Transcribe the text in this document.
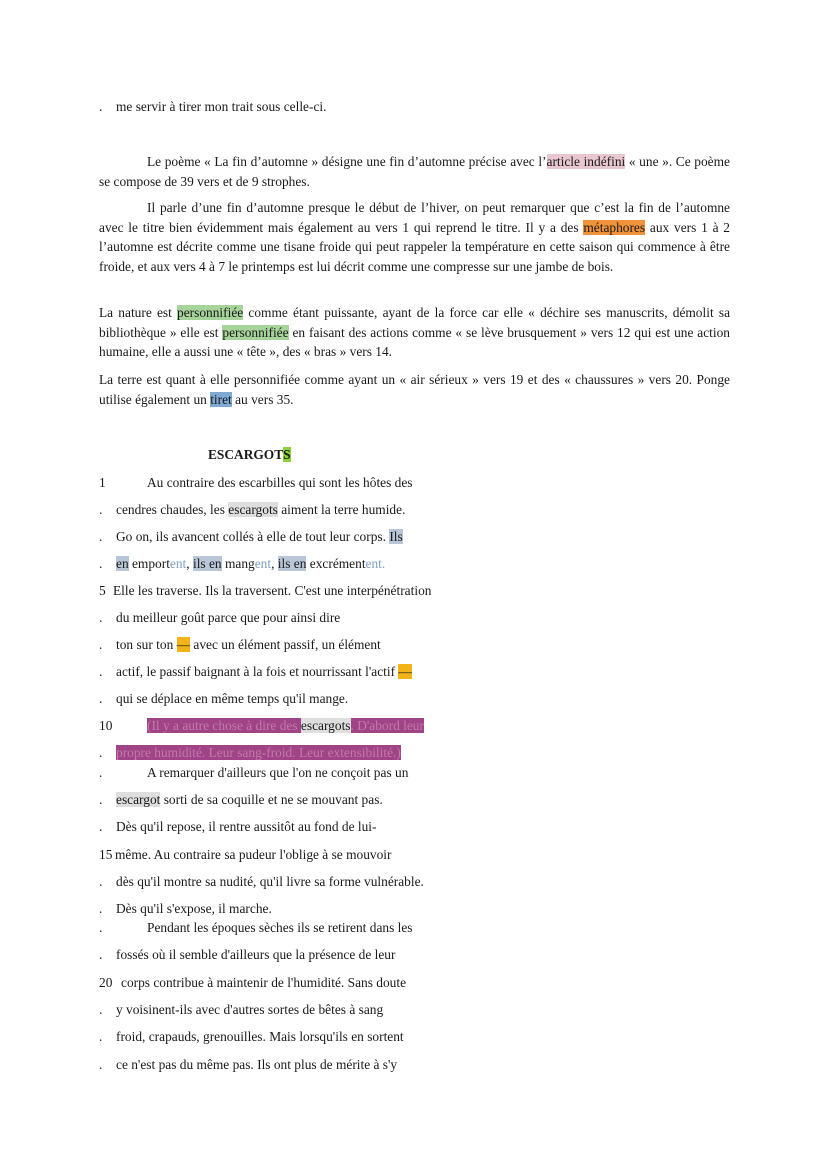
. me servir à tirer mon trait sous celle-ci.

Le poème « La fin d’automne » désigne une fin d’automne précise avec l’article indéfini « une ». Ce poème se compose de 39 vers et de 9 strophes.

Il parle d’une fin d’automne presque le début de l’hiver, on peut remarquer que c’est la fin de l’automne avec le titre bien évidemment mais également au vers 1 qui reprend le titre. Il y a des métaphores aux vers 1 à 2 l’automne est décrite comme une tisane froide qui peut rappeler la température en cette saison qui commence à être froide, et aux vers 4 à 7 le printemps est lui décrit comme une compresse sur une jambe de bois.

La nature est personnifiée comme étant puissante, ayant de la force car elle « déchire ses manuscrits, démolit sa bibliothèque » elle est personnifiée en faisant des actions comme « se lève brusquement » vers 12 qui est une action humaine, elle a aussi une « tête », des « bras » vers 14.

La terre est quant à elle personnifiée comme ayant un « air sérieux » vers 19 et des « chaussures » vers 20. Ponge utilise également un tiret au vers 35.

ESCARGOTS
1	Au contraire des escarbilles qui sont les hôtes des
. cendres chaudes, les escargots aiment la terre humide.
. Go on, ils avancent collés à elle de tout leur corps. Ils
. en emportent, ils en mangent, ils en excrémentent.
5 Elle les traverse. Ils la traversent. C'est une interpénétration
. du meilleur goût parce que pour ainsi dire
. ton sur ton — avec un élément passif, un élément
. actif, le passif baignant à la fois et nourrissant l'actif —
. qui se déplace en même temps qu'il mange.
10	(Il y a autre chose à dire des escargots. D'abord leur
. propre humidité. Leur sang-froid. Leur extensibilité.)
.	A remarquer d'ailleurs que l'on ne conçoit pas un
. escargot sorti de sa coquille et ne se mouvant pas.
. Dès qu'il repose, il rentre aussitôt au fond de lui-
15 même. Au contraire sa pudeur l'oblige à se mouvoir
. dès qu'il montre sa nudité, qu'il livre sa forme vulnérable.
. Dès qu'il s'expose, il marche.
.	Pendant les époques sèches ils se retirent dans les
. fossés où il semble d'ailleurs que la présence de leur
20 corps contribue à maintenir de l'humidité. Sans doute
. y voisinent-ils avec d'autres sortes de bêtes à sang
. froid, crapauds, grenouilles. Mais lorsqu'ils en sortent
. ce n'est pas du même pas. Ils ont plus de mérite à s'y
